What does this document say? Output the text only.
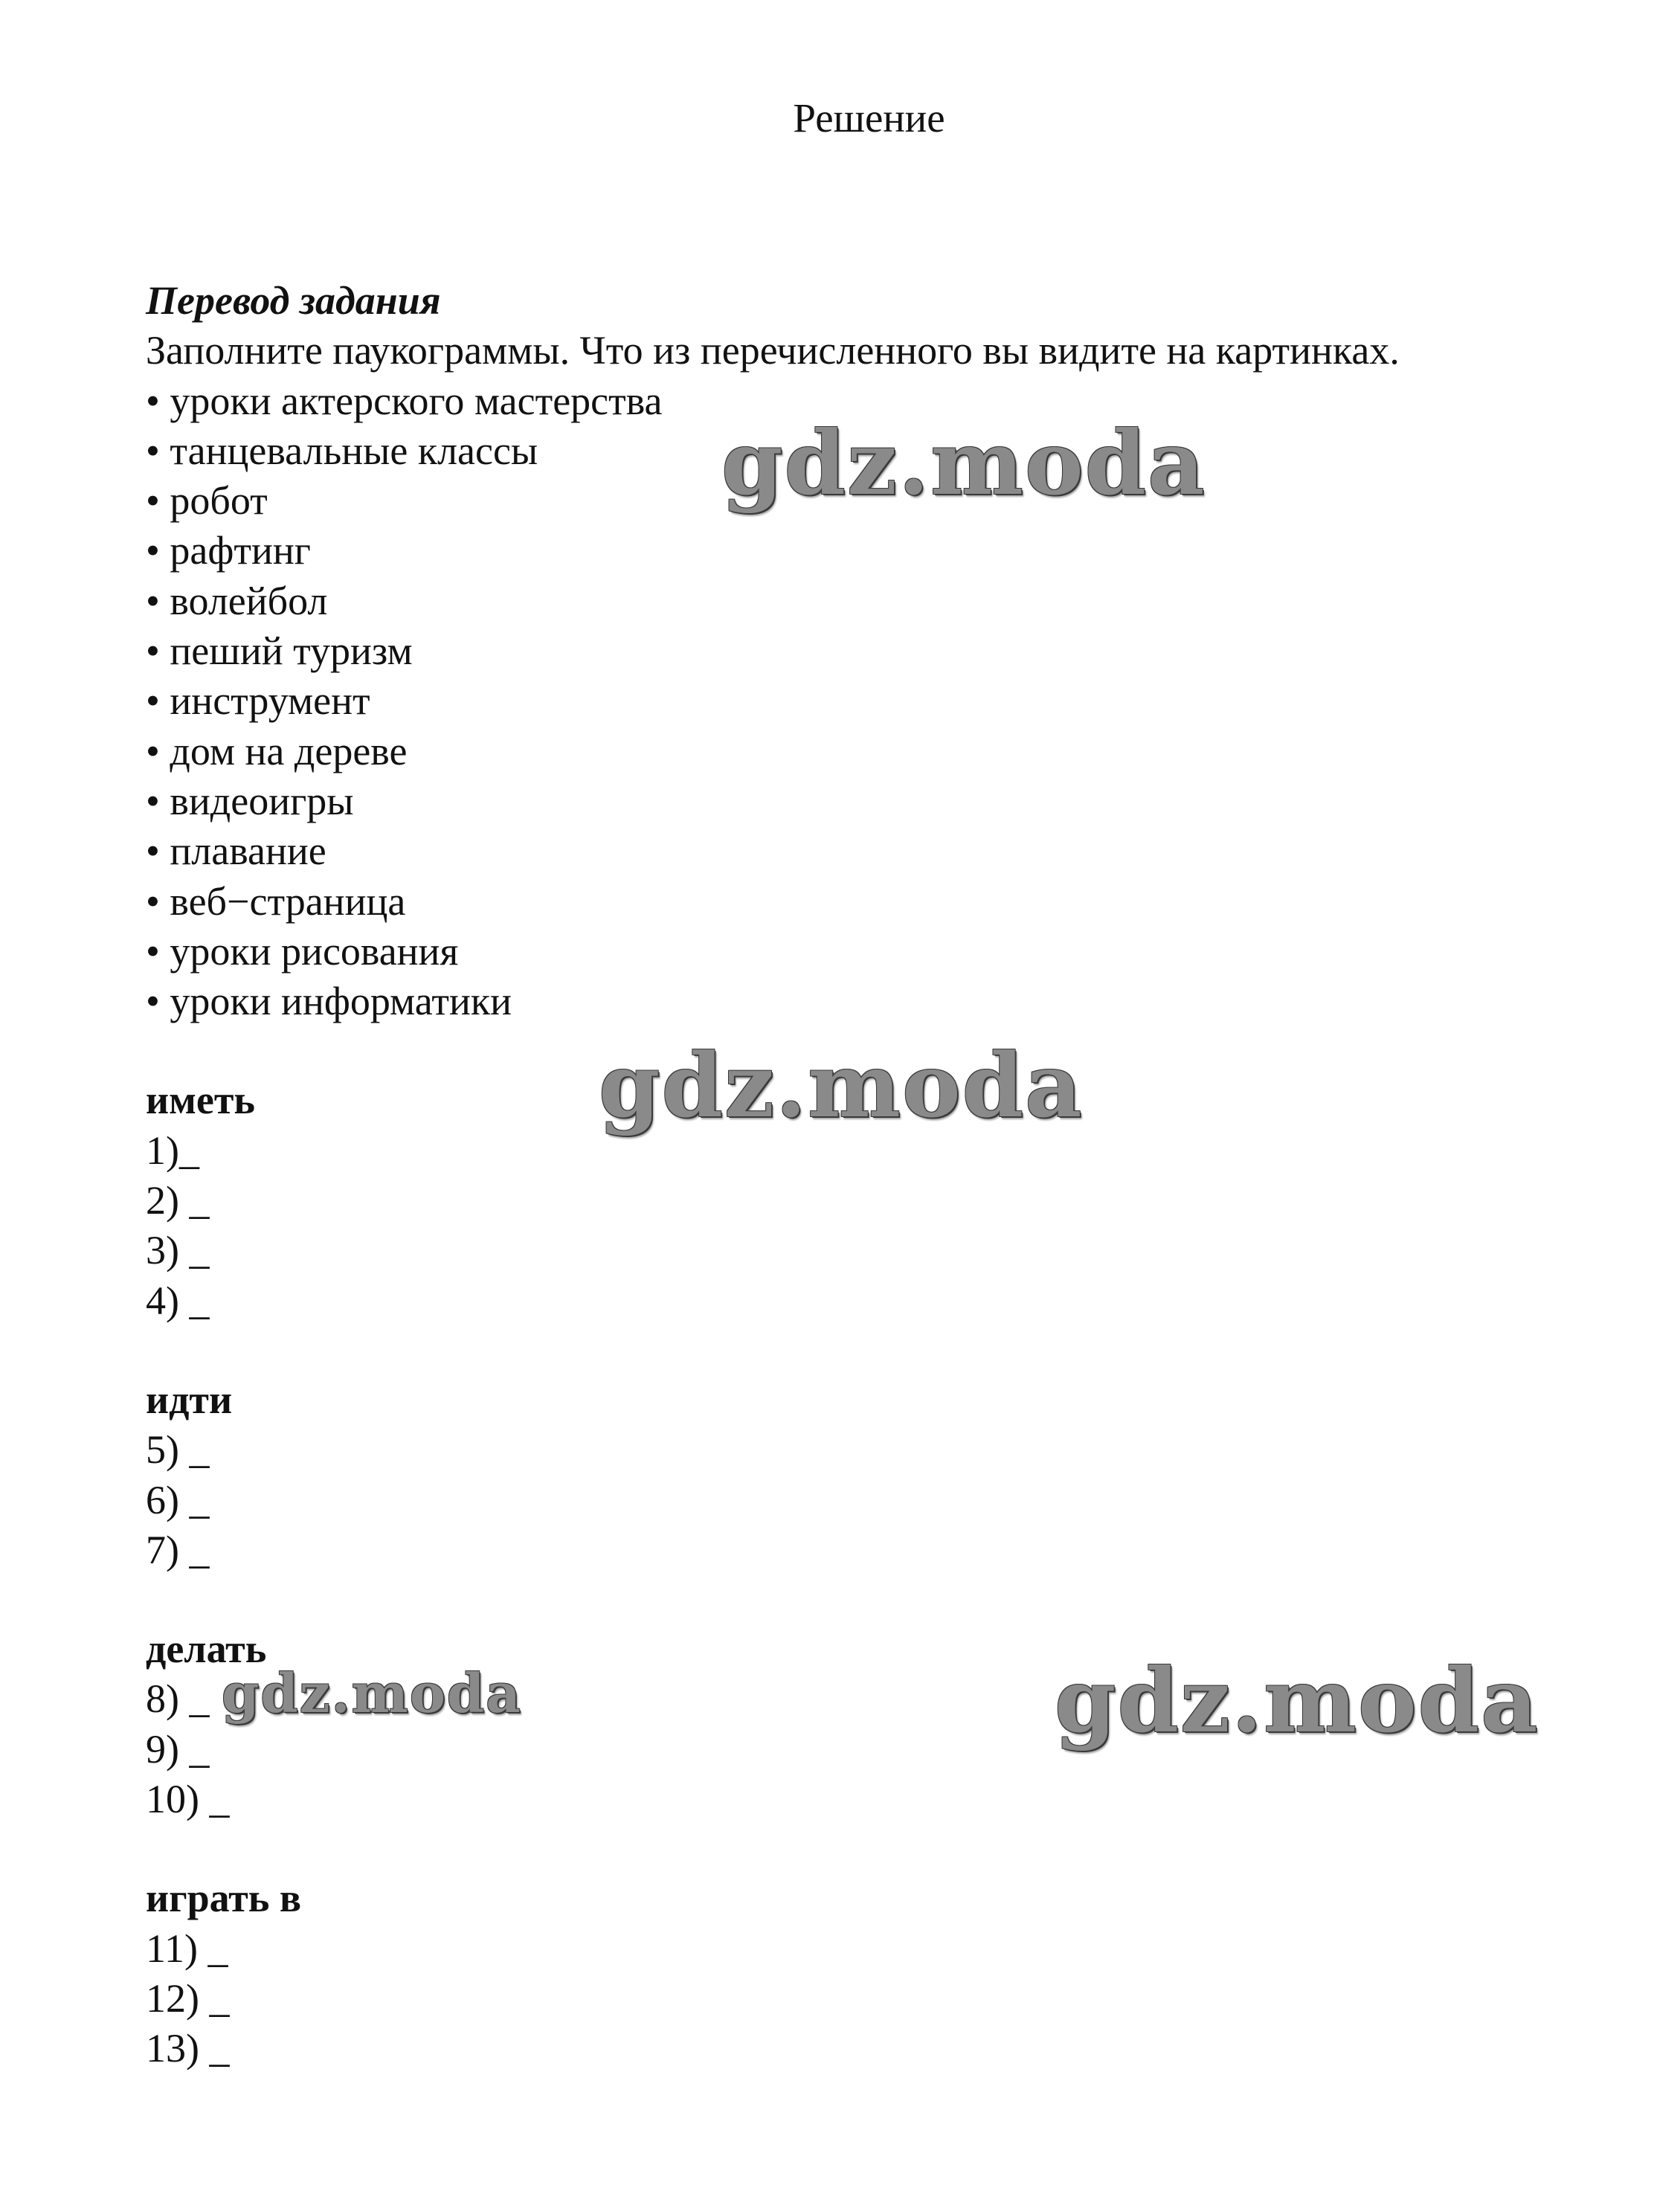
Решение
Перевод задания
Заполните паукограммы. Что из перечисленного вы видите на картинках.
• уроки актерского мастерства
• танцевальные классы
• робот
• рафтинг
• волейбол
• пеший туризм
• инструмент
• дом на дереве
• видеоигры
• плавание
• веб−страница
• уроки рисования
• уроки информатики
иметь
1)_
2) _
3) _
4) _
идти
5) _
6) _
7) _
делать
8) _
9) _
10) _
играть в
11) _
12) _
13) _
gdz.moda
gdz.moda
gdz.moda	gdz.moda
